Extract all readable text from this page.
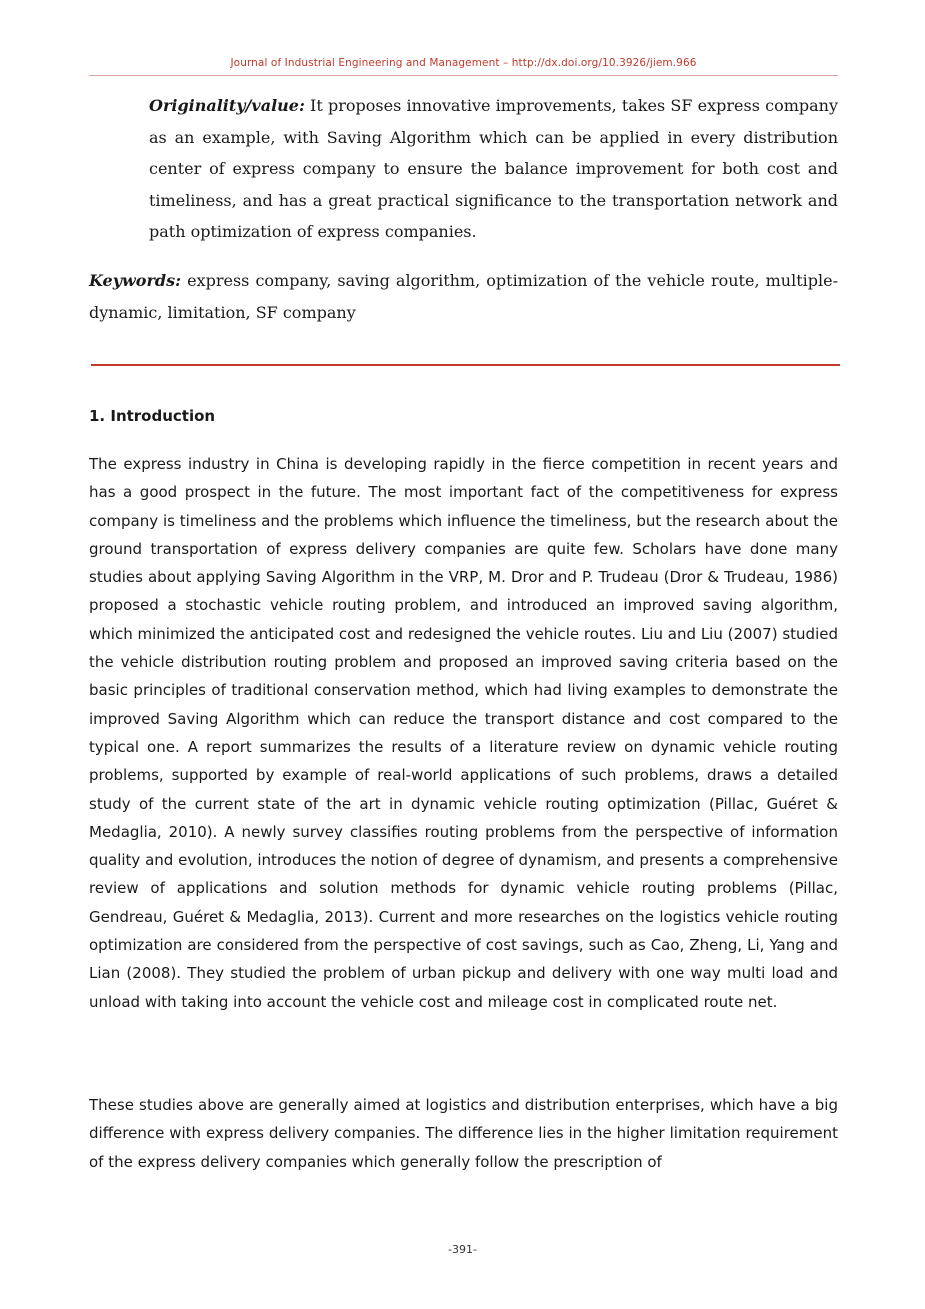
Journal of Industrial Engineering and Management – http://dx.doi.org/10.3926/jiem.966
Originality/value: It proposes innovative improvements, takes SF express company as an example, with Saving Algorithm which can be applied in every distribution center of express company to ensure the balance improvement for both cost and timeliness, and has a great practical significance to the transportation network and path optimization of express companies.
Keywords: express company, saving algorithm, optimization of the vehicle route, multiple-dynamic, limitation, SF company
1. Introduction
The express industry in China is developing rapidly in the fierce competition in recent years and has a good prospect in the future. The most important fact of the competitiveness for express company is timeliness and the problems which influence the timeliness, but the research about the ground transportation of express delivery companies are quite few. Scholars have done many studies about applying Saving Algorithm in the VRP, M. Dror and P. Trudeau (Dror & Trudeau, 1986) proposed a stochastic vehicle routing problem, and introduced an improved saving algorithm, which minimized the anticipated cost and redesigned the vehicle routes. Liu and Liu (2007) studied the vehicle distribution routing problem and proposed an improved saving criteria based on the basic principles of traditional conservation method, which had living examples to demonstrate the improved Saving Algorithm which can reduce the transport distance and cost compared to the typical one. A report summarizes the results of a literature review on dynamic vehicle routing problems, supported by example of real-world applications of such problems, draws a detailed study of the current state of the art in dynamic vehicle routing optimization (Pillac, Guéret & Medaglia, 2010). A newly survey classifies routing problems from the perspective of information quality and evolution, introduces the notion of degree of dynamism, and presents a comprehensive review of applications and solution methods for dynamic vehicle routing problems (Pillac, Gendreau, Guéret & Medaglia, 2013). Current and more researches on the logistics vehicle routing optimization are considered from the perspective of cost savings, such as Cao, Zheng, Li, Yang and Lian (2008). They studied the problem of urban pickup and delivery with one way multi load and unload with taking into account the vehicle cost and mileage cost in complicated route net.
These studies above are generally aimed at logistics and distribution enterprises, which have a big difference with express delivery companies. The difference lies in the higher limitation requirement of the express delivery companies which generally follow the prescription of
-391-
